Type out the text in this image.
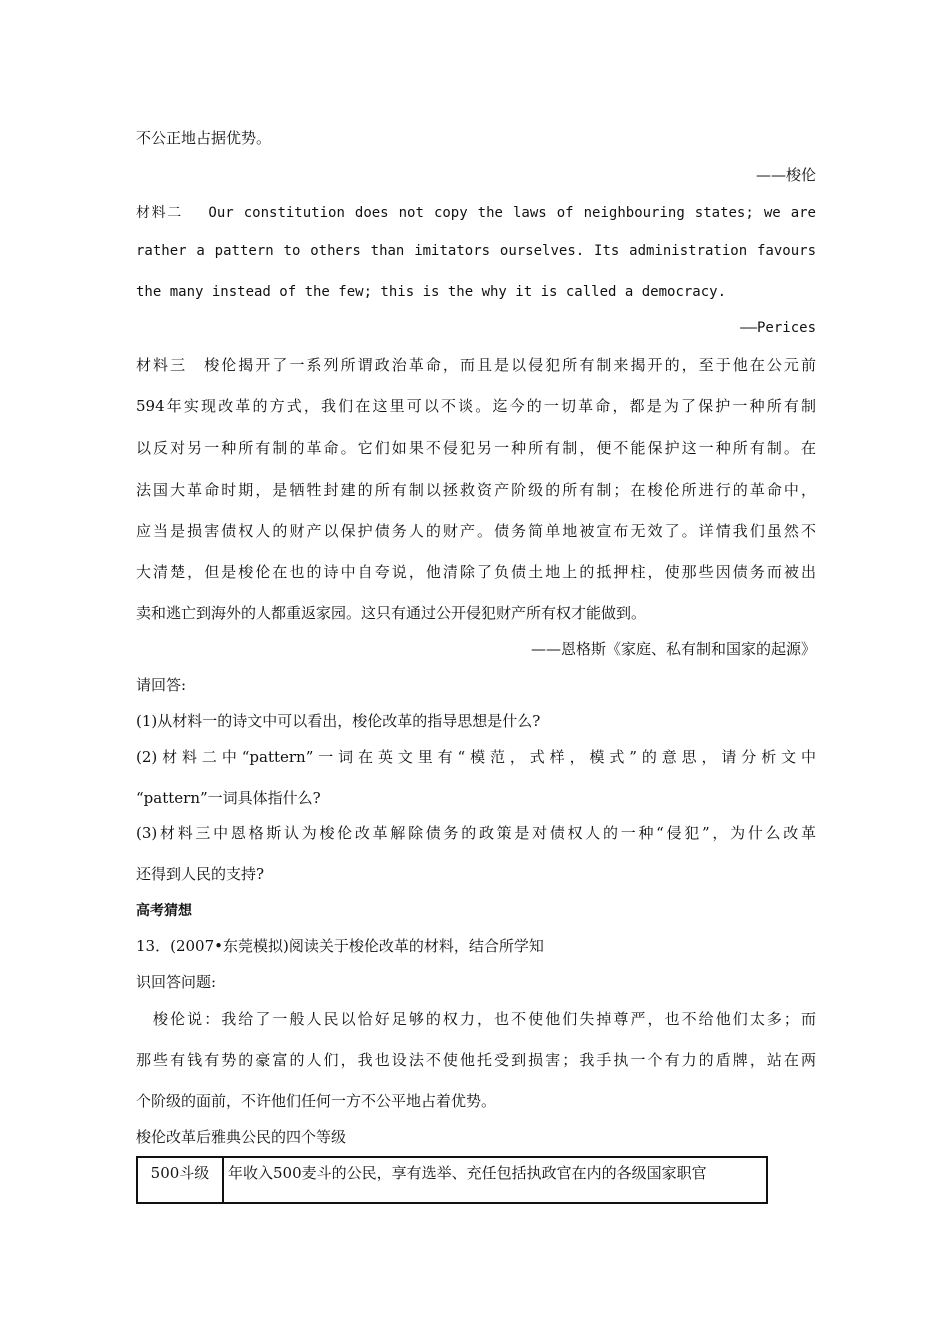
不公正地占据优势。
——梭伦
材料二　 Our constitution does not copy the laws of neighbouring states; we are
rather a pattern to others than imitators ourselves. Its administration favours
the many instead of the few; this is the why it is called a democracy.
——Perices
材料三　梭伦揭开了一系列所谓政治革命，而且是以侵犯所有制来揭开的，至于他在公元前
594年实现改革的方式，我们在这里可以不谈。迄今的一切革命，都是为了保护一种所有制
以反对另一种所有制的革命。它们如果不侵犯另一种所有制，便不能保护这一种所有制。在
法国大革命时期，是牺牲封建的所有制以拯救资产阶级的所有制；在梭伦所进行的革命中，
应当是损害债权人的财产以保护债务人的财产。债务简单地被宣布无效了。详情我们虽然不
大清楚，但是梭伦在也的诗中自夸说，他清除了负债土地上的抵押柱，使那些因债务而被出
卖和逃亡到海外的人都重返家园。这只有通过公开侵犯财产所有权才能做到。
——恩格斯《家庭、私有制和国家的起源》
请回答:
(1)从材料一的诗文中可以看出，梭伦改革的指导思想是什么?
(2)材料二中“pattern”一词在英文里有“模范，式样，模式”的意思，请分析文中
“pattern”一词具体指什么?
(3)材料三中恩格斯认为梭伦改革解除债务的政策是对债权人的一种“侵犯”，为什么改革
还得到人民的支持?
高考猜想
13．(2007•东莞模拟)阅读关于梭伦改革的材料，结合所学知
识回答问题:
　梭伦说：我给了一般人民以恰好足够的权力，也不使他们失掉尊严，也不给他们太多；而
那些有钱有势的豪富的人们，我也设法不使他托受到损害；我手执一个有力的盾牌，站在两
个阶级的面前，不许他们任何一方不公平地占着优势。
梭伦改革后雅典公民的四个等级
500斗级	年收入500麦斗的公民，享有选举、充任包括执政官在内的各级国家职官
